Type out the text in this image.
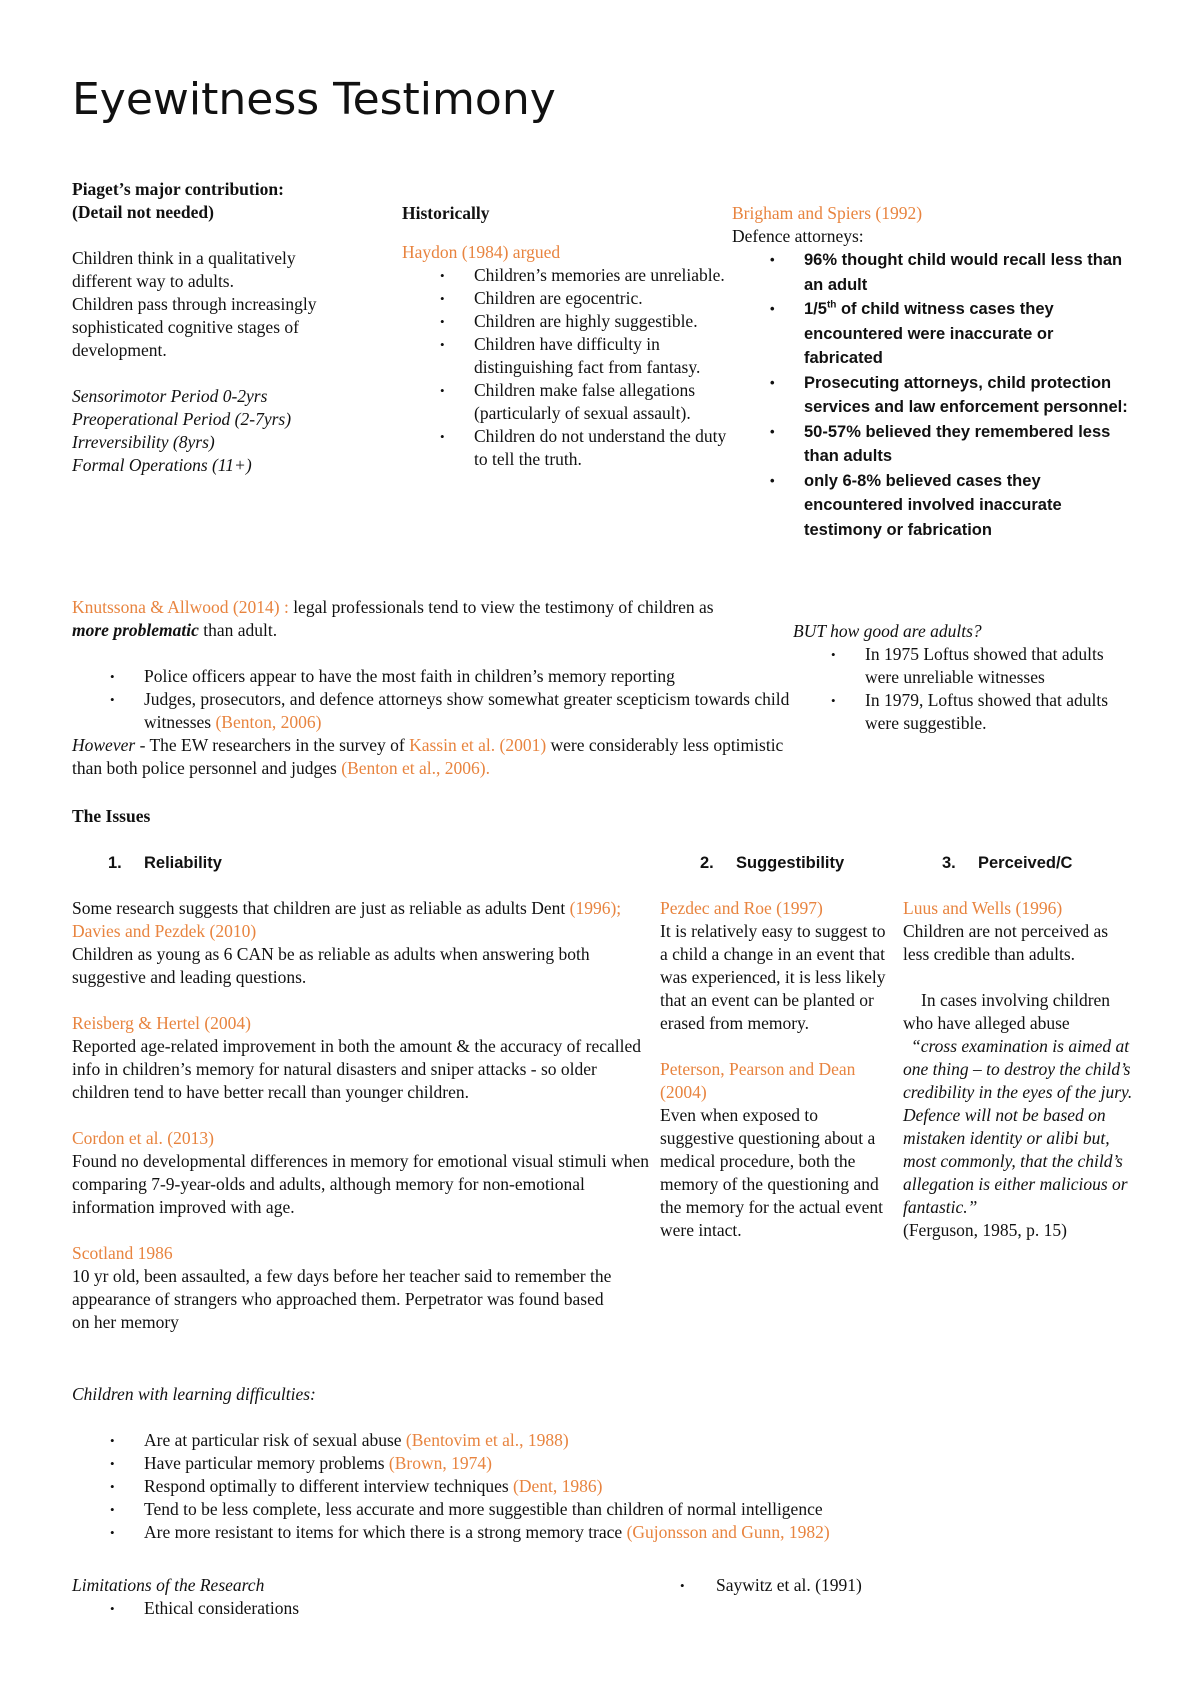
Eyewitness Testimony

Piaget’s major contribution:

(Detail not needed)

Children think in a qualitatively different way to adults.

Children pass through increasingly sophisticated cognitive stages of development.

Sensorimotor Period 0-2yrs

Preoperational Period (2-7yrs)

Irreversibility (8yrs)

Formal Operations (11+)

Historically

Haydon (1984) argued

• Children’s memories are unreliable.
• Children are egocentric.
• Children are highly suggestible.
• Children have difficulty in distinguishing fact from fantasy.
• Children make false allegations (particularly of sexual assault).
• Children do not understand the duty to tell the truth.

Brigham and Spiers (1992)

Defence attorneys:

• 96% thought child would recall less than an adult
• 1/5th of child witness cases they encountered were inaccurate or fabricated
• Prosecuting attorneys, child protection services and law enforcement personnel:
• 50-57% believed they remembered less than adults
• only 6-8% believed cases they encountered involved inaccurate testimony or fabrication

Knutssona & Allwood (2014) : legal professionals tend to view the testimony of children as more problematic than adult.

• Police officers appear to have the most faith in children’s memory reporting
• Judges, prosecutors, and defence attorneys show somewhat greater scepticism towards child witnesses (Benton, 2006)

However - The EW researchers in the survey of Kassin et al. (2001) were considerably less optimistic than both police personnel and judges (Benton et al., 2006).

BUT how good are adults?

• In 1975 Loftus showed that adults were unreliable witnesses
• In 1979, Loftus showed that adults were suggestible.
The Issues
1. Reliability	2. Suggestibility	3. Perceived/C

Some research suggests that children are just as reliable as adults Dent (1996); Davies and Pezdek (2010)

Children as young as 6 CAN be as reliable as adults when answering both suggestive and leading questions.

Reisberg & Hertel (2004)

Reported age-related improvement in both the amount & the accuracy of recalled info in children’s memory for natural disasters and sniper attacks - so older children tend to have better recall than younger children.

Cordon et al. (2013)

Found no developmental differences in memory for emotional visual stimuli when comparing 7-9-year-olds and adults, although memory for non-emotional information improved with age.

Scotland 1986

10 yr old, been assaulted, a few days before her teacher said to remember the appearance of strangers who approached them. Perpetrator was found based on her memory

Pezdec and Roe (1997)

It is relatively easy to suggest to a child a change in an event that was experienced, it is less likely that an event can be planted or erased from memory.

Peterson, Pearson and Dean (2004)

Even when exposed to suggestive questioning about a medical procedure, both the memory of the questioning and the memory for the actual event were intact.

Luus and Wells (1996)

Children are not perceived as less credible than adults.

In cases involving children who have alleged abuse

“cross examination is aimed at one thing – to destroy the child’s credibility in the eyes of the jury. Defence will not be based on mistaken identity or alibi but, most commonly, that the child’s allegation is either malicious or fantastic.”

(Ferguson, 1985, p. 15)

Children with learning difficulties:

• Are at particular risk of sexual abuse (Bentovim et al., 1988)
• Have particular memory problems (Brown, 1974)
• Respond optimally to different interview techniques (Dent, 1986)
• Tend to be less complete, less accurate and more suggestible than children of normal intelligence
• Are more resistant to items for which there is a strong memory trace (Gujonsson and Gunn, 1982)

Limitations of the Research

• Ethical considerations
• Saywitz et al. (1991)
